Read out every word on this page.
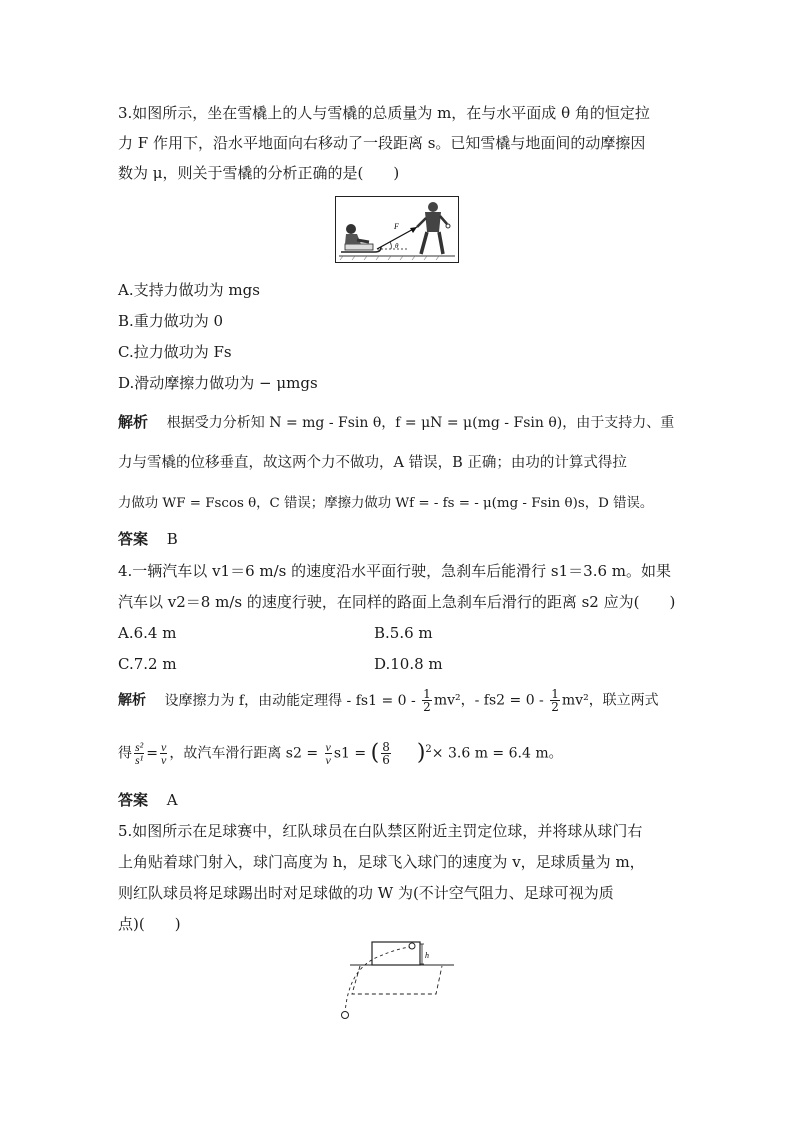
3.如图所示，坐在雪橇上的人与雪橇的总质量为 m，在与水平面成 θ 角的恒定拉
力 F 作用下，沿水平地面向右移动了一段距离 s。已知雪橇与地面间的动摩擦因
数为 μ，则关于雪橇的分析正确的是(　　)
F
θ
A.支持力做功为 mgs
B.重力做功为 0
C.拉力做功为 Fs
D.滑动摩擦力做功为 − μmgs
解析 根据受力分析知 N = mg - Fsin θ，f = μN = μ(mg - Fsin θ)，由于支持力、重
力与雪橇的位移垂直，故这两个力不做功，A 错误，B 正确；由功的计算式得拉
力做功 WF = Fscos θ，C 错误；摩擦力做功 Wf = - fs = - μ(mg - Fsin θ)s，D 错误。
答案 B
4.一辆汽车以 v1＝6 m/s 的速度沿水平面行驶，急刹车后能滑行 s1＝3.6 m。如果
汽车以 v2＝8 m/s 的速度行驶，在同样的路面上急刹车后滑行的距离 s2 应为(　　)
A.6.4 m	B.5.6 m
C.7.2 m	D.10.8 m
解析 设摩擦力为 f，由动能定理得 - $fs1 = 0 - \frac{1}{2} mv^2$，- $fs2 = 0 - \frac{1}{2} mv^2$，联立两式
得 $\frac{\text{s²}}{\text{s¹}} = \frac{v}{v}$ ，故汽车滑行距离 $s2 = \frac{v}{v} s1$ = ( $\frac{8}{6} )^2\times 3.6$ m = 6.4 m。
答案 A
5.如图所示在足球赛中，红队球员在白队禁区附近主罚定位球，并将球从球门右
上角贴着球门射入，球门高度为 h，足球飞入球门的速度为 v，足球质量为 m，
则红队球员将足球踢出时对足球做的功 W 为(不计空气阻力、足球可视为质
点)(　　)
h
